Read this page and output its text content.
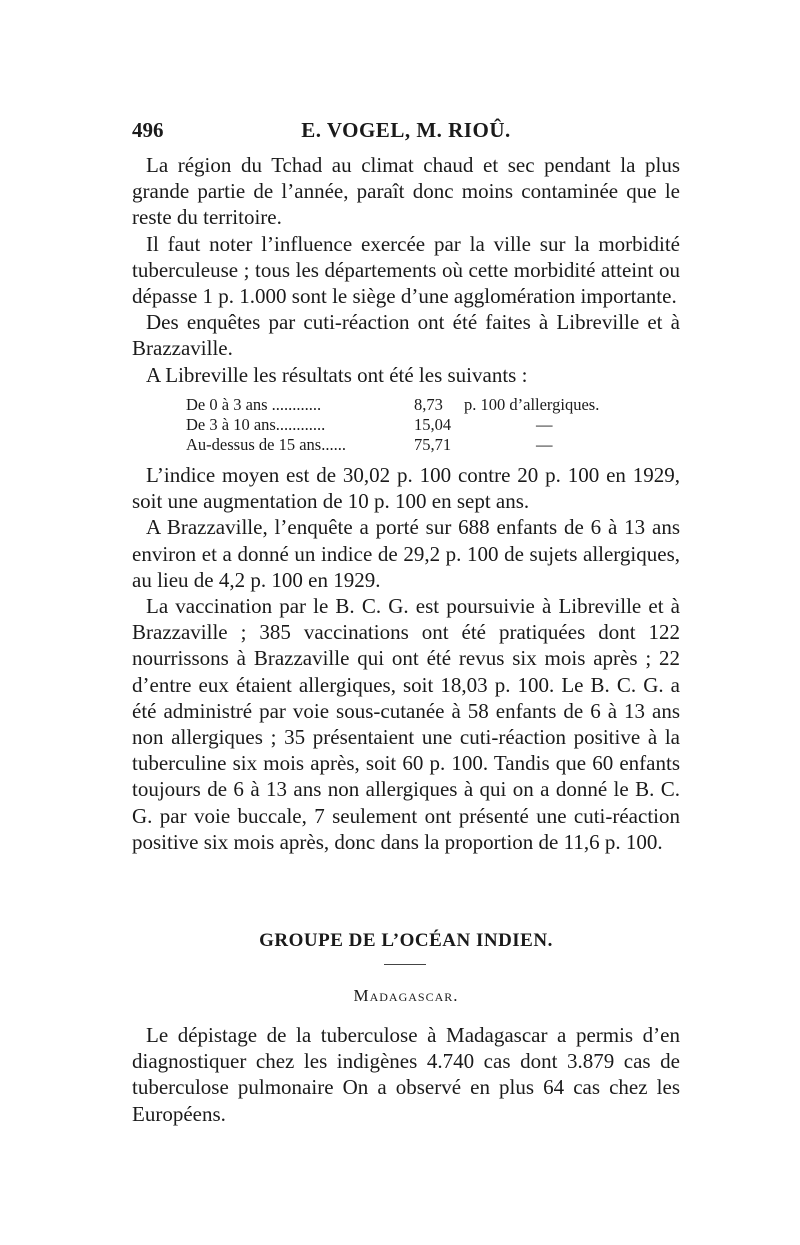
496	E. VOGEL, M. RIOÛ.

La région du Tchad au climat chaud et sec pendant la plus grande partie de l’année, paraît donc moins contaminée que le reste du territoire.

Il faut noter l’influence exercée par la ville sur la morbidité tuberculeuse ; tous les départements où cette morbidité atteint ou dépasse 1 p. 1.000 sont le siège d’une agglomération importante.

Des enquêtes par cuti-réaction ont été faites à Libreville et à Brazzaville.

A Libreville les résultats ont été les suivants :

De 0 à 3 ans ............	8,73 p. 100 d’allergiques.
De 3 à 10 ans............	15,04	—
Au-dessus de 15 ans......	75,71	—

L’indice moyen est de 30,02 p. 100 contre 20 p. 100 en 1929, soit une augmentation de 10 p. 100 en sept ans.

A Brazzaville, l’enquête a porté sur 688 enfants de 6 à 13 ans environ et a donné un indice de 29,2 p. 100 de sujets allergiques, au lieu de 4,2 p. 100 en 1929.

La vaccination par le B. C. G. est poursuivie à Libreville et à Brazzaville ; 385 vaccinations ont été pratiquées dont 122 nourrissons à Brazzaville qui ont été revus six mois après ; 22 d’entre eux étaient allergiques, soit 18,03 p. 100. Le B. C. G. a été administré par voie sous-cutanée à 58 enfants de 6 à 13 ans non allergiques ; 35 présentaient une cuti-réaction positive à la tuberculine six mois après, soit 60 p. 100. Tandis que 60 enfants toujours de 6 à 13 ans non allergiques à qui on a donné le B. C. G. par voie buccale, 7 seulement ont présenté une cuti-réaction positive six mois après, donc dans la proportion de 11,6 p. 100.

GROUPE DE L’OCÉAN INDIEN.
Madagascar.

Le dépistage de la tuberculose à Madagascar a permis d’en diagnostiquer chez les indigènes 4.740 cas dont 3.879 cas de tuberculose pulmonaire On a observé en plus 64 cas chez les Européens.
